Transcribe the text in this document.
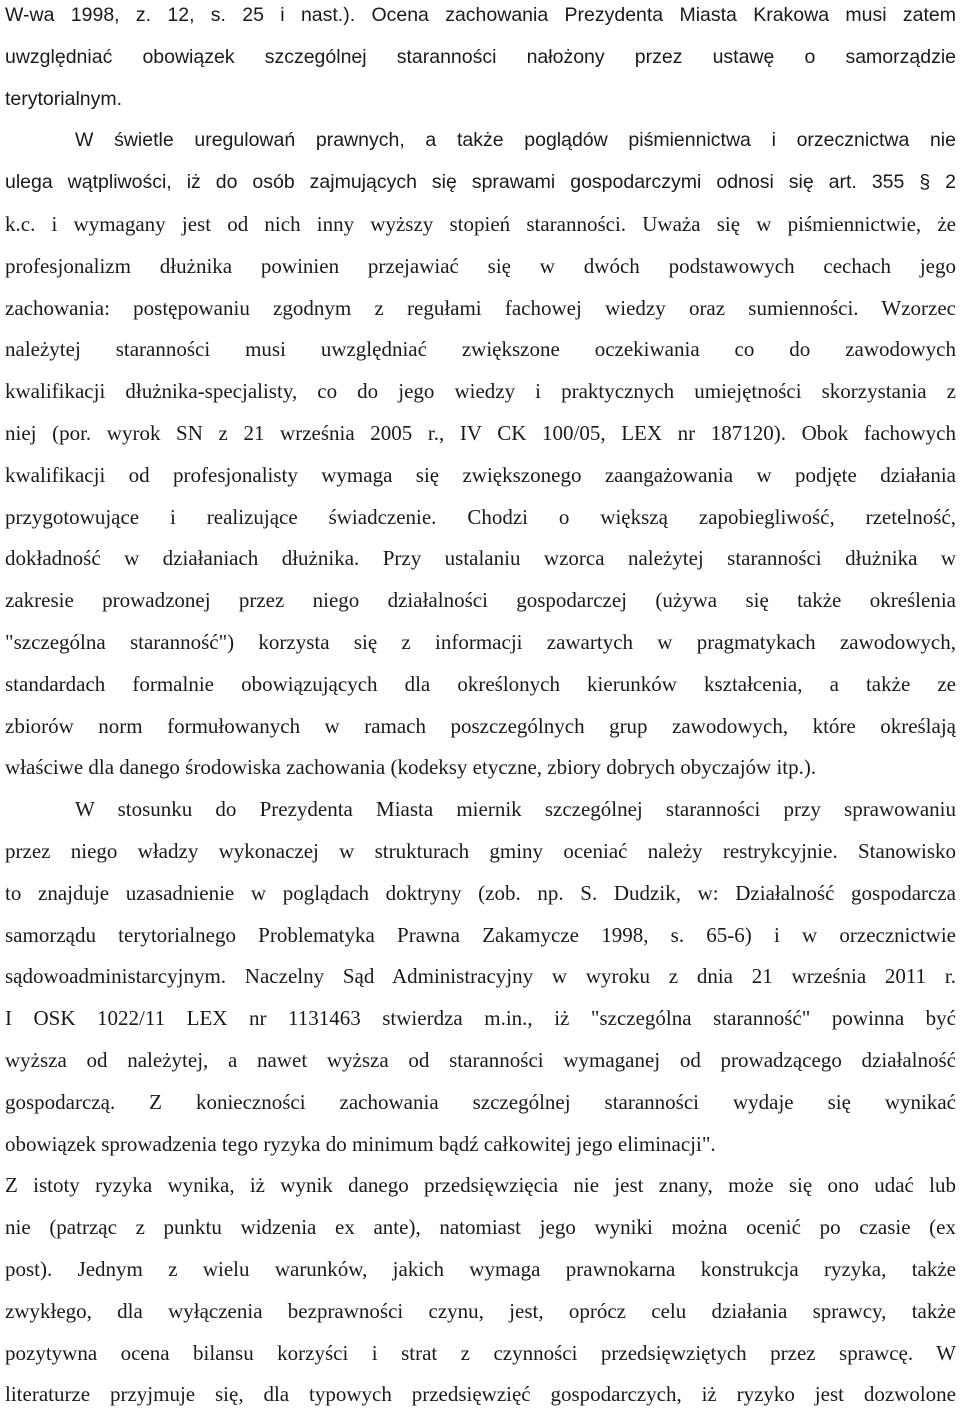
W-wa 1998, z. 12, s. 25 i nast.). Ocena zachowania Prezydenta Miasta Krakowa musi zatem
uwzględniać obowiązek szczególnej staranności nałożony przez ustawę o samorządzie
terytorialnym.
W świetle uregulowań prawnych, a także poglądów piśmiennictwa i orzecznictwa nie
ulega wątpliwości, iż do osób zajmujących się sprawami gospodarczymi odnosi się art. 355 § 2
k.c. i wymagany jest od nich inny wyższy stopień staranności. Uważa się w piśmiennictwie, że
profesjonalizm dłużnika powinien przejawiać się w dwóch podstawowych cechach jego
zachowania: postępowaniu zgodnym z regułami fachowej wiedzy oraz sumienności. Wzorzec
należytej staranności musi uwzględniać zwiększone oczekiwania co do zawodowych
kwalifikacji dłużnika-specjalisty, co do jego wiedzy i praktycznych umiejętności skorzystania z
niej (por. wyrok SN z 21 września 2005 r., IV CK 100/05, LEX nr 187120). Obok fachowych
kwalifikacji od profesjonalisty wymaga się zwiększonego zaangażowania w podjęte działania
przygotowujące i realizujące świadczenie. Chodzi o większą zapobiegliwość, rzetelność,
dokładność w działaniach dłużnika. Przy ustalaniu wzorca należytej staranności dłużnika w
zakresie prowadzonej przez niego działalności gospodarczej (używa się także określenia
"szczególna staranność") korzysta się z informacji zawartych w pragmatykach zawodowych,
standardach formalnie obowiązujących dla określonych kierunków kształcenia, a także ze
zbiorów norm formułowanych w ramach poszczególnych grup zawodowych, które określają
właściwe dla danego środowiska zachowania (kodeksy etyczne, zbiory dobrych obyczajów itp.).
W stosunku do Prezydenta Miasta miernik szczególnej staranności przy sprawowaniu
przez niego władzy wykonaczej w strukturach gminy oceniać należy restrykcyjnie. Stanowisko
to znajduje uzasadnienie w poglądach doktryny (zob. np. S. Dudzik, w: Działalność gospodarcza
samorządu terytorialnego Problematyka Prawna Zakamycze 1998, s. 65-6) i w orzecznictwie
sądowoadministarcyjnym. Naczelny Sąd Administracyjny w wyroku z dnia 21 września 2011 r.
I OSK 1022/11 LEX nr 1131463 stwierdza m.in., iż "szczególna staranność" powinna być
wyższa od należytej, a nawet wyższa od staranności wymaganej od prowadzącego działalność
gospodarczą. Z konieczności zachowania szczególnej staranności wydaje się wynikać
obowiązek sprowadzenia tego ryzyka do minimum bądź całkowitej jego eliminacji".
Z istoty ryzyka wynika, iż wynik danego przedsięwzięcia nie jest znany, może się ono udać lub
nie (patrząc z punktu widzenia ex ante), natomiast jego wyniki można ocenić po czasie (ex
post). Jednym z wielu warunków, jakich wymaga prawnokarna konstrukcja ryzyka, także
zwykłego, dla wyłączenia bezprawności czynu, jest, oprócz celu działania sprawcy, także
pozytywna ocena bilansu korzyści i strat z czynności przedsięwziętych przez sprawcę. W
literaturze przyjmuje się, dla typowych przedsięwzięć gospodarczych, iż ryzyko jest dozwolone
